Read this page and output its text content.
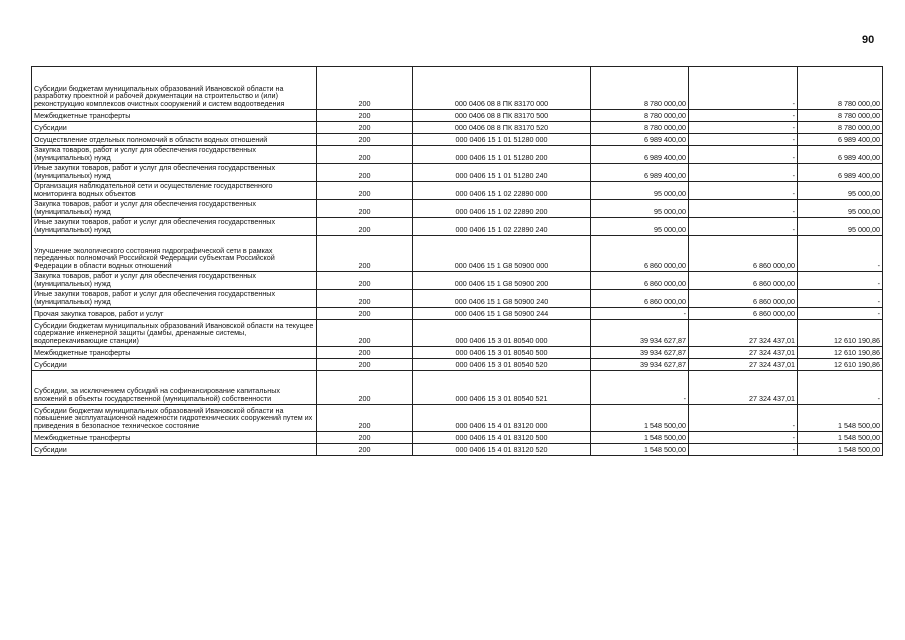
90
Субсидии бюджетам муниципальных образований Ивановской области на разработку проектной и рабочей документации на строительство и (или) реконструкцию комплексов очистных сооружений и систем водоотведения	200	000 0406 08 8 ПК 83170 000	8 780 000,00	-	8 780 000,00
Межбюджетные трансферты	200	000 0406 08 8 ПК 83170 500	8 780 000,00	-	8 780 000,00
Субсидии	200	000 0406 08 8 ПК 83170 520	8 780 000,00	-	8 780 000,00
Осуществление отдельных полномочий в области водных отношений	200	000 0406 15 1 01 51280 000	6 989 400,00	-	6 989 400,00
Закупка товаров, работ и услуг для обеспечения государственных (муниципальных) нужд	200	000 0406 15 1 01 51280 200	6 989 400,00	-	6 989 400,00
Иные закупки товаров, работ и услуг для обеспечения государственных (муниципальных) нужд	200	000 0406 15 1 01 51280 240	6 989 400,00	-	6 989 400,00
Организация наблюдательной сети и осуществление государственного мониторинга водных объектов	200	000 0406 15 1 02 22890 000	95 000,00	-	95 000,00
Закупка товаров, работ и услуг для обеспечения государственных (муниципальных) нужд	200	000 0406 15 1 02 22890 200	95 000,00	-	95 000,00
Иные закупки товаров, работ и услуг для обеспечения государственных (муниципальных) нужд	200	000 0406 15 1 02 22890 240	95 000,00	-	95 000,00
Улучшение экологического состояния гидрографической сети в рамках переданных полномочий Российской Федерации субъектам Российской Федерации в области водных отношений	200	000 0406 15 1 G8 50900 000	6 860 000,00	6 860 000,00	-
Закупка товаров, работ и услуг для обеспечения государственных (муниципальных) нужд	200	000 0406 15 1 G8 50900 200	6 860 000,00	6 860 000,00	-
Иные закупки товаров, работ и услуг для обеспечения государственных (муниципальных) нужд	200	000 0406 15 1 G8 50900 240	6 860 000,00	6 860 000,00	-
Прочая закупка товаров, работ и услуг	200	000 0406 15 1 G8 50900 244	-	6 860 000,00	-
Субсидии бюджетам муниципальных образований Ивановской области на текущее содержание инженерной защиты (дамбы, дренажные системы, водоперекачивающие станции)	200	000 0406 15 3 01 80540 000	39 934 627,87	27 324 437,01	12 610 190,86
Межбюджетные трансферты	200	000 0406 15 3 01 80540 500	39 934 627,87	27 324 437,01	12 610 190,86
Субсидии	200	000 0406 15 3 01 80540 520	39 934 627,87	27 324 437,01	12 610 190,86
Субсидии, за исключением субсидий на софинансирование капитальных вложений в объекты государственной (муниципальной) собственности	200	000 0406 15 3 01 80540 521	-	27 324 437,01	-
Субсидии бюджетам муниципальных образований Ивановской области на повышение эксплуатационной надежности гидротехнических сооружений путем их приведения в безопасное техническое состояние	200	000 0406 15 4 01 83120 000	1 548 500,00	-	1 548 500,00
Межбюджетные трансферты	200	000 0406 15 4 01 83120 500	1 548 500,00	-	1 548 500,00
Субсидии	200	000 0406 15 4 01 83120 520	1 548 500,00	-	1 548 500,00
